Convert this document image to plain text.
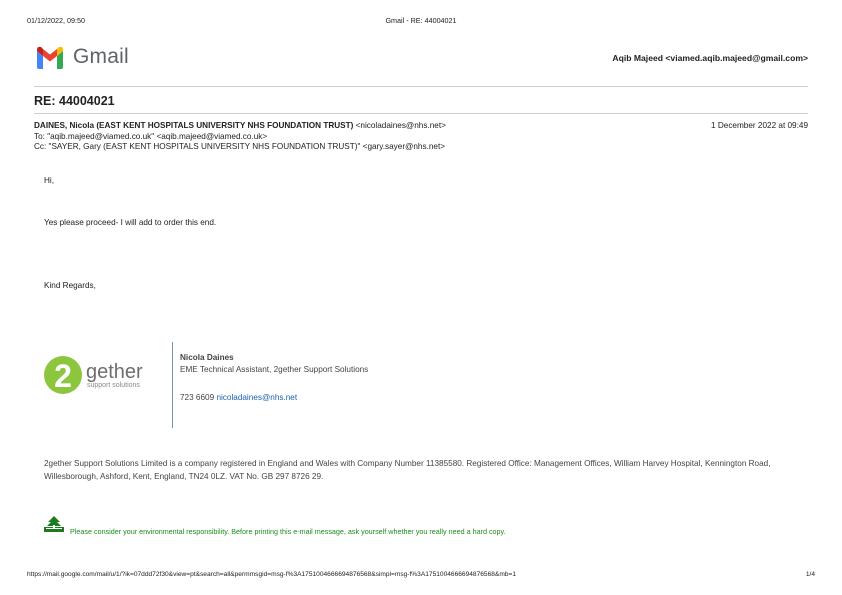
01/12/2022, 09:50	Gmail - RE: 44004021
Gmail	Aqib Majeed <viamed.aqib.majeed@gmail.com>
RE: 44004021
DAINES, Nicola (EAST KENT HOSPITALS UNIVERSITY NHS FOUNDATION TRUST) <nicoladaines@nhs.net>	1 December 2022 at 09:49
To: "aqib.majeed@viamed.co.uk" <aqib.majeed@viamed.co.uk>
Cc: "SAYER, Gary (EAST KENT HOSPITALS UNIVERSITY NHS FOUNDATION TRUST)" <gary.sayer@nhs.net>
Hi,
Yes please proceed- I will add to order this end.
Kind Regards,
2 gether
support solutions
Nicola Daines
EME Technical Assistant, 2gether Support Solutions
723 6609 nicoladaines@nhs.net
2gether Support Solutions Limited is a company registered in England and Wales with Company Number 11385580. Registered Office: Management Offices, William Harvey Hospital, Kennington Road, Willesborough, Ashford, Kent, England, TN24 0LZ. VAT No. GB 297 8726 29.
Please consider your environmental responsibility. Before printing this e-mail message, ask yourself whether you really need a hard copy.
https://mail.google.com/mail/u/1/?ik=07ddd72f30&view=pt&search=all&permmsgid=msg-f%3A1751004666694876568&simpl=msg-f%3A1751004666694876568&mb=1	1/4
